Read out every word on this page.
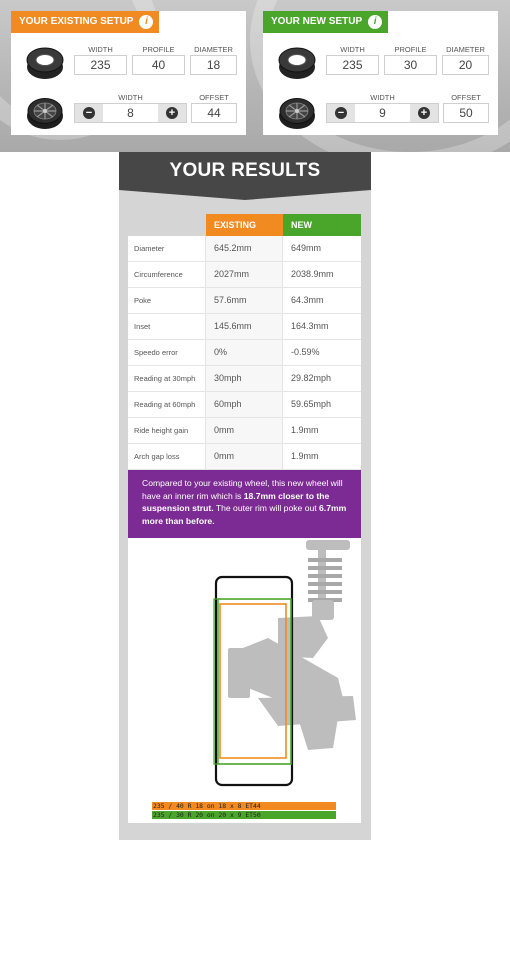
YOUR EXISTING SETUP	i
WIDTH
235
PROFILE
40
DIAMETER
18
WIDTH
−	8	+
OFFSET
44
YOUR NEW SETUP	i
WIDTH
235
PROFILE
30
DIAMETER
20
WIDTH
−	9	+
OFFSET
50
YOUR RESULTS
EXISTING	NEW
Diameter	645.2mm	649mm
Circumference	2027mm	2038.9mm
Poke	57.6mm	64.3mm
Inset	145.6mm	164.3mm
Speedo error	0%	-0.59%
Reading at 30mph	30mph	29.82mph
Reading at 60mph	60mph	59.65mph
Ride height gain	0mm	1.9mm
Arch gap loss	0mm	1.9mm
Compared to your existing wheel, this new wheel will have an inner rim which is 18.7mm closer to the suspension strut. The outer rim will poke out 6.7mm more than before.
235 / 40 R 18 on 18 x 8 ET44
235 / 30 R 20 on 20 x 9 ET50
